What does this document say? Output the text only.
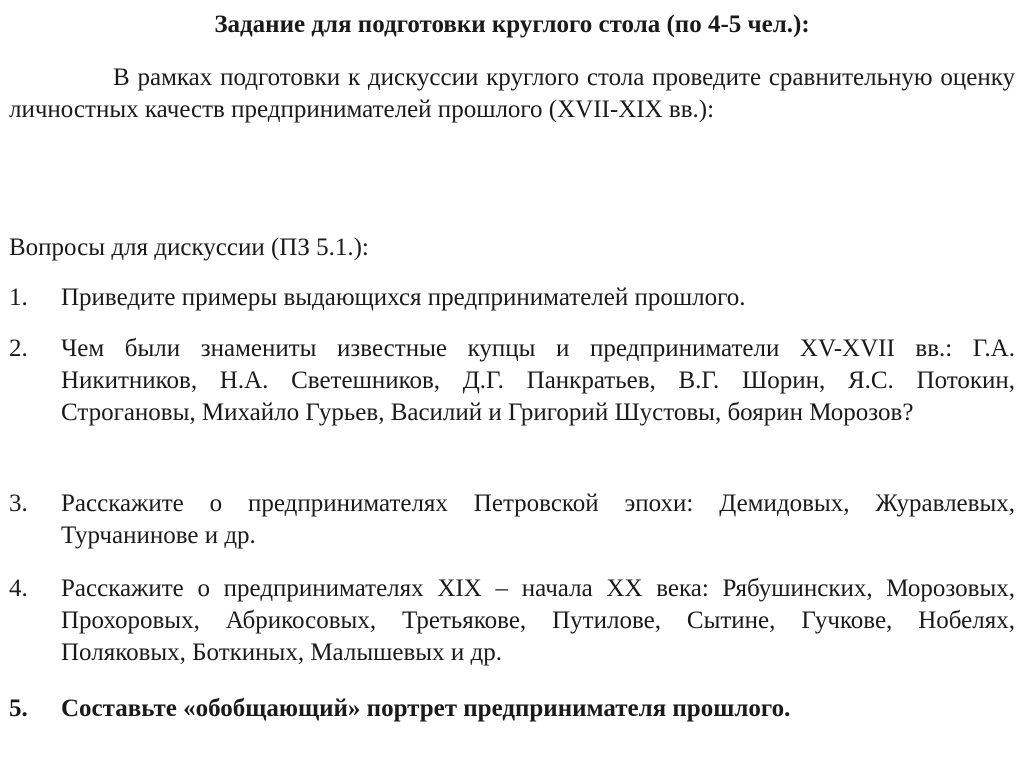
Задание для подготовки круглого стола (по 4-5 чел.):

В рамках подготовки к дискуссии круглого стола проведите сравнительную оценку личностных качеств предпринимателей прошлого (XVII-XIX вв.):

Вопросы для дискуссии (ПЗ 5.1.):

1.	Приведите примеры выдающихся предпринимателей прошлого.
2.	Чем были знамениты известные купцы и предприниматели XV-XVII вв.: Г.А. Никитников, Н.А. Светешников, Д.Г. Панкратьев, В.Г. Шорин, Я.С. Потокин, Строгановы, Михайло Гурьев, Василий и Григорий Шустовы, боярин Морозов?
3.	Расскажите о предпринимателях Петровской эпохи: Демидовых, Журавлевых, Турчанинове и др.
4.	Расскажите о предпринимателях XIX – начала XX века: Рябушинских, Морозовых, Прохоровых, Абрикосовых, Третьякове, Путилове, Сытине, Гучкове, Нобелях, Поляковых, Боткиных, Малышевых и др.
5.	Составьте «обобщающий» портрет предпринимателя прошлого.
